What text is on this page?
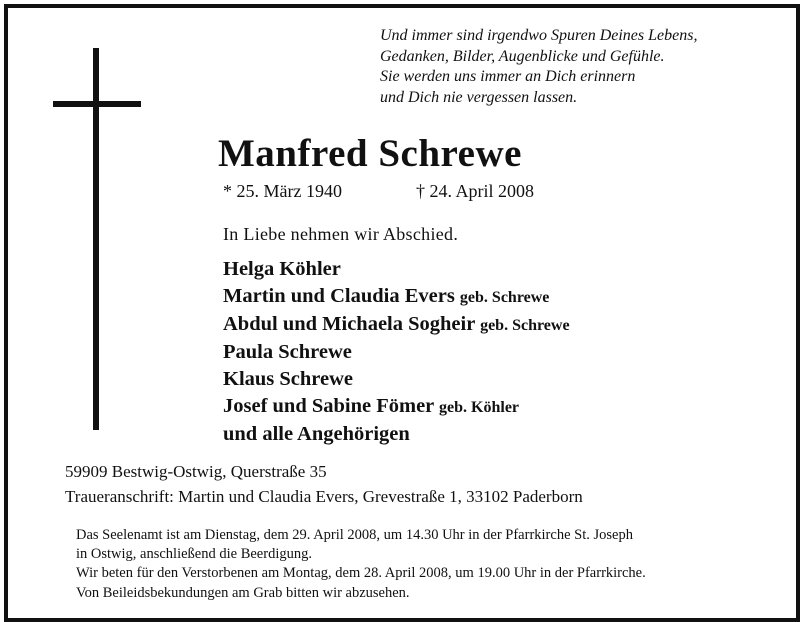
Und immer sind irgendwo Spuren Deines Lebens,
Gedanken, Bilder, Augenblicke und Gefühle.
Sie werden uns immer an Dich erinnern
und Dich nie vergessen lassen.
Manfred Schrewe
* 25. März 1940	† 24. April 2008
In Liebe nehmen wir Abschied.
Helga Köhler
Martin und Claudia Evers geb. Schrewe
Abdul und Michaela Sogheir geb. Schrewe
Paula Schrewe
Klaus Schrewe
Josef und Sabine Fömer geb. Köhler
und alle Angehörigen
59909 Bestwig-Ostwig, Querstraße 35
Traueranschrift: Martin und Claudia Evers, Grevestraße 1, 33102 Paderborn
Das Seelenamt ist am Dienstag, dem 29. April 2008, um 14.30 Uhr in der Pfarrkirche St. Joseph
in Ostwig, anschließend die Beerdigung.
Wir beten für den Verstorbenen am Montag, dem 28. April 2008, um 19.00 Uhr in der Pfarrkirche.
Von Beileidsbekundungen am Grab bitten wir abzusehen.
